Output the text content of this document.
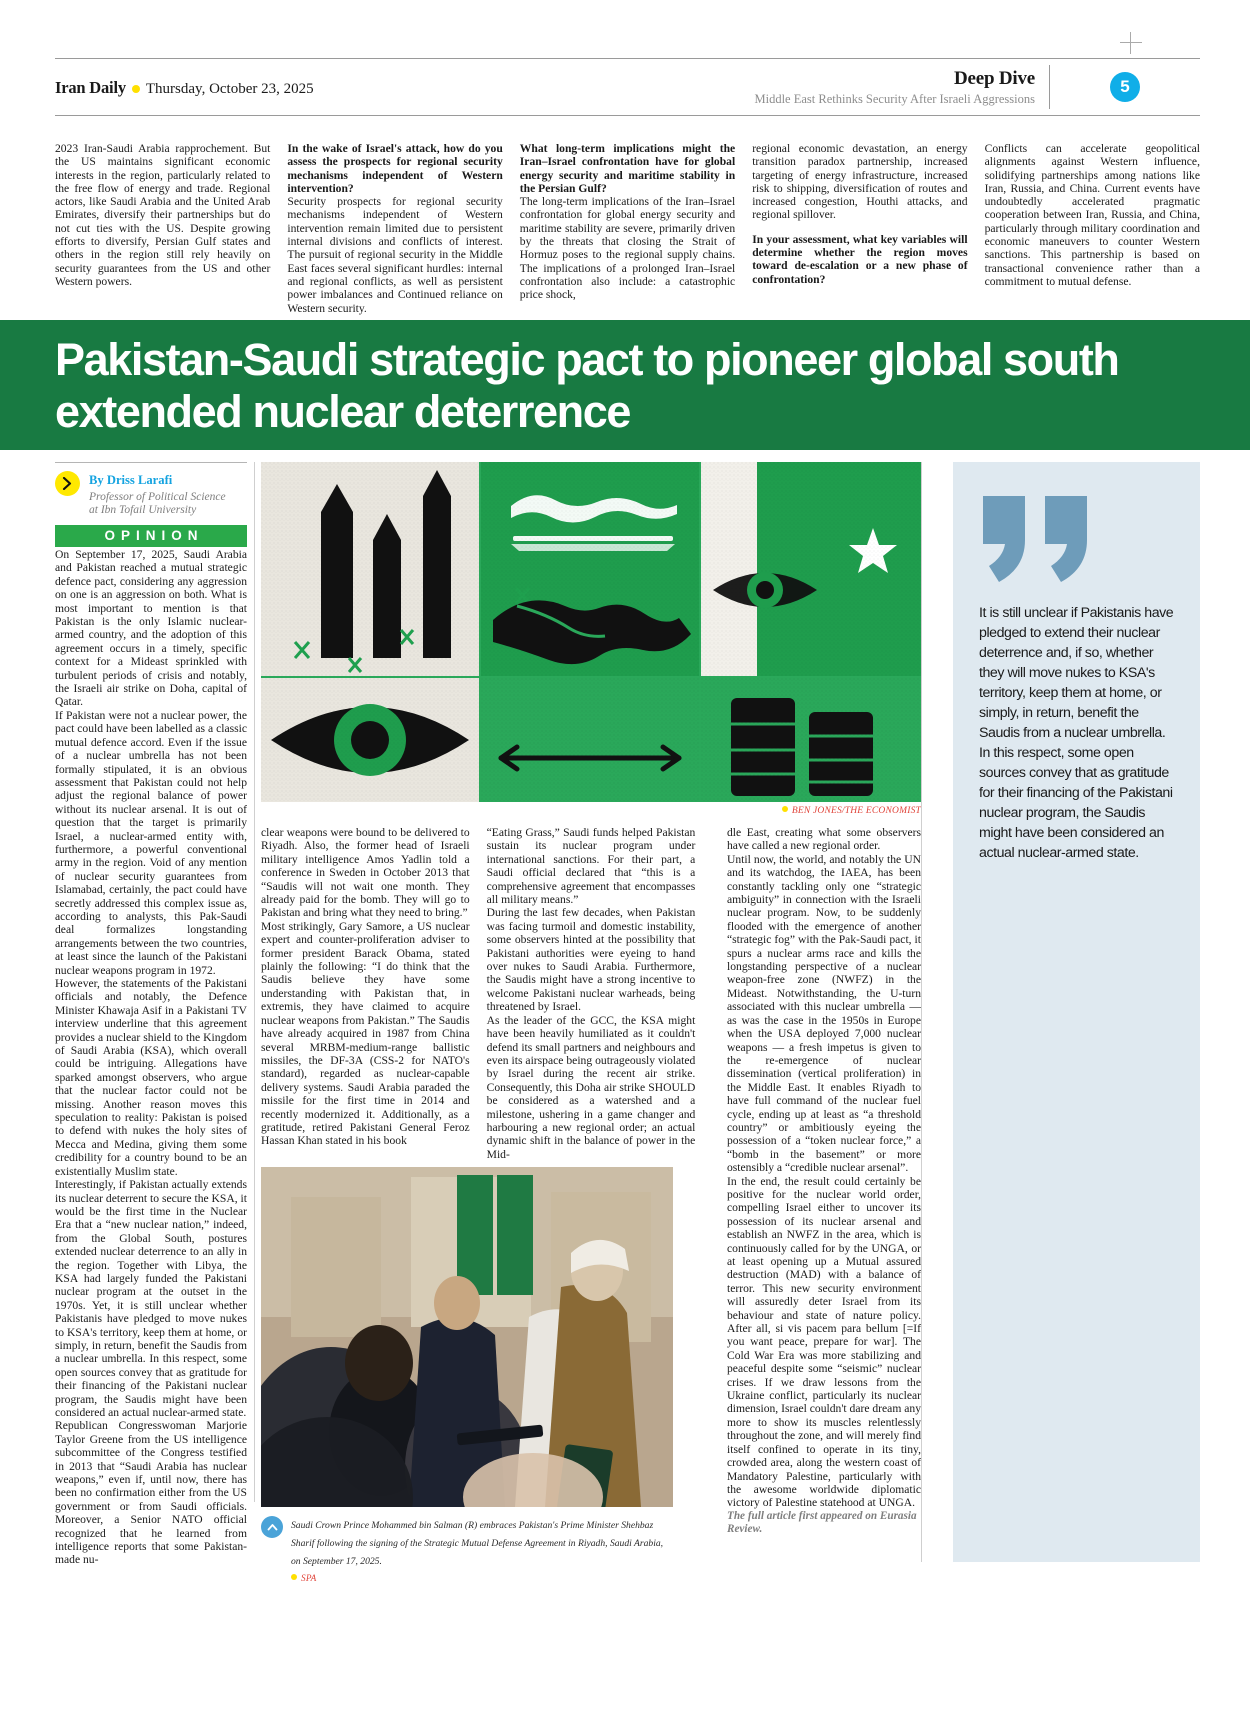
Iran Daily Thursday, October 23, 2025
Deep Dive
Middle East Rethinks Security After Israeli Aggressions
5

2023 Iran-Saudi Arabia rapprochement. But the US maintains significant economic interests in the region, particularly related to the free flow of energy and trade. Regional actors, like Saudi Arabia and the United Arab Emirates, diversify their partnerships but do not cut ties with the US. Despite growing efforts to diversify, Persian Gulf states and others in the region still rely heavily on security guarantees from the US and other Western powers.

In the wake of Israel's attack, how do you assess the prospects for regional security mechanisms independent of Western intervention?

Security prospects for regional security mechanisms independent of Western intervention remain limited due to persistent internal divisions and conflicts of interest. The pursuit of regional security in the Middle East faces several significant hurdles: internal and regional conflicts, as well as persistent power imbalances and Continued reliance on Western security.

What long-term implications might the Iran–Israel confrontation have for global energy security and maritime stability in the Persian Gulf?

The long-term implications of the Iran–Israel confrontation for global energy security and maritime stability are severe, primarily driven by the threats that closing the Strait of Hormuz poses to the regional supply chains. The implications of a prolonged Iran–Israel confrontation also include: a catastrophic price shock,

regional economic devastation, an energy transition paradox partnership, increased targeting of energy infrastructure, increased risk to shipping, diversification of routes and increased congestion, Houthi attacks, and regional spillover.

In your assessment, what key variables will determine whether the region moves toward de-escalation or a new phase of confrontation?

Conflicts can accelerate geopolitical alignments against Western influence, solidifying partnerships among nations like Iran, Russia, and China. Current events have undoubtedly accelerated pragmatic cooperation between Iran, Russia, and China, particularly through military coordination and economic maneuvers to counter Western sanctions. This partnership is based on transactional convenience rather than a commitment to mutual defense.

Pakistan-Saudi strategic pact to pioneer global south extended nuclear deterrence
By Driss Larafi
Professor of Political Science
at Ibn Tofail University
OPINION

On September 17, 2025, Saudi Arabia and Pakistan reached a mutual strategic defence pact, considering any aggression on one is an aggression on both. What is most important to mention is that Pakistan is the only Islamic nuclear-armed country, and the adoption of this agreement occurs in a timely, specific context for a Mideast sprinkled with turbulent periods of crisis and notably, the Israeli air strike on Doha, capital of Qatar.

If Pakistan were not a nuclear power, the pact could have been labelled as a classic mutual defence accord. Even if the issue of a nuclear umbrella has not been formally stipulated, it is an obvious assessment that Pakistan could not help adjust the regional balance of power without its nuclear arsenal. It is out of question that the target is primarily Israel, a nuclear-armed entity with, furthermore, a powerful conventional army in the region. Void of any mention of nuclear security guarantees from Islamabad, certainly, the pact could have secretly addressed this complex issue as, according to analysts, this Pak-Saudi deal formalizes longstanding arrangements between the two countries, at least since the launch of the Pakistani nuclear weapons program in 1972.

However, the statements of the Pakistani officials and notably, the Defence Minister Khawaja Asif in a Pakistani TV interview underline that this agreement provides a nuclear shield to the Kingdom of Saudi Arabia (KSA), which overall could be intriguing. Allegations have sparked amongst observers, who argue that the nuclear factor could not be missing. Another reason moves this speculation to reality: Pakistan is poised to defend with nukes the holy sites of Mecca and Medina, giving them some credibility for a country bound to be an existentially Muslim state.

Interestingly, if Pakistan actually extends its nuclear deterrent to secure the KSA, it would be the first time in the Nuclear Era that a “new nuclear nation,” indeed, from the Global South, postures extended nuclear deterrence to an ally in the region. Together with Libya, the KSA had largely funded the Pakistani nuclear program at the outset in the 1970s. Yet, it is still unclear whether Pakistanis have pledged to move nukes to KSA's territory, keep them at home, or simply, in return, benefit the Saudis from a nuclear umbrella. In this respect, some open sources convey that as gratitude for their financing of the Pakistani nuclear program, the Saudis might have been considered an actual nuclear-armed state.

Republican Congresswoman Marjorie Taylor Greene from the US intelligence subcommittee of the Congress testified in 2013 that “Saudi Arabia has nuclear weapons,” even if, until now, there has been no confirmation either from the US government or from Saudi officials. Moreover, a Senior NATO official recognized that he learned from intelligence reports that some Pakistan-made nu-

BEN JONES/THE ECONOMIST

clear weapons were bound to be delivered to Riyadh. Also, the former head of Israeli military intelligence Amos Yadlin told a conference in Sweden in October 2013 that “Saudis will not wait one month. They already paid for the bomb. They will go to Pakistan and bring what they need to bring.”

Most strikingly, Gary Samore, a US nuclear expert and counter-proliferation adviser to former president Barack Obama, stated plainly the following: “I do think that the Saudis believe they have some understanding with Pakistan that, in extremis, they have claimed to acquire nuclear weapons from Pakistan.” The Saudis have already acquired in 1987 from China several MRBM-medium-range ballistic missiles, the DF-3A (CSS-2 for NATO's standard), regarded as nuclear-capable delivery systems. Saudi Arabia paraded the missile for the first time in 2014 and recently modernized it. Additionally, as a gratitude, retired Pakistani General Feroz Hassan Khan stated in his book

“Eating Grass,” Saudi funds helped Pakistan sustain its nuclear program under international sanctions. For their part, a Saudi official declared that “this is a comprehensive agreement that encompasses all military means.”

During the last few decades, when Pakistan was facing turmoil and domestic instability, some observers hinted at the possibility that Pakistani authorities were eyeing to hand over nukes to Saudi Arabia. Furthermore, the Saudis might have a strong incentive to welcome Pakistani nuclear warheads, being threatened by Israel.

As the leader of the GCC, the KSA might have been heavily humiliated as it couldn't defend its small partners and neighbours and even its airspace being outrageously violated by Israel during the recent air strike. Consequently, this Doha air strike SHOULD be considered as a watershed and a milestone, ushering in a game changer and harbouring a new regional order; an actual dynamic shift in the balance of power in the Mid-

Saudi Crown Prince Mohammed bin Salman (R) embraces Pakistan's Prime Minister Shehbaz Sharif following the signing of the Strategic Mutual Defense Agreement in Riyadh, Saudi Arabia, on September 17, 2025.
SPA

dle East, creating what some observers have called a new regional order.

Until now, the world, and notably the UN and its watchdog, the IAEA, has been constantly tackling only one “strategic ambiguity” in connection with the Israeli nuclear program. Now, to be suddenly flooded with the emergence of another “strategic fog” with the Pak-Saudi pact, it spurs a nuclear arms race and kills the longstanding perspective of a nuclear weapon-free zone (NWFZ) in the Mideast. Notwithstanding, the U-turn associated with this nuclear umbrella — as was the case in the 1950s in Europe when the USA deployed 7,000 nuclear weapons — a fresh impetus is given to the re-emergence of nuclear dissemination (vertical proliferation) in the Middle East. It enables Riyadh to have full command of the nuclear fuel cycle, ending up at least as “a threshold country” or ambitiously eyeing the possession of a “token nuclear force,” a “bomb in the basement” or more ostensibly a “credible nuclear arsenal”.

In the end, the result could certainly be positive for the nuclear world order, compelling Israel either to uncover its possession of its nuclear arsenal and establish an NWFZ in the area, which is continuously called for by the UNGA, or at least opening up a Mutual assured destruction (MAD) with a balance of terror. This new security environment will assuredly deter Israel from its behaviour and state of nature policy. After all, si vis pacem para bellum [=If you want peace, prepare for war]. The Cold War Era was more stabilizing and peaceful despite some “seismic” nuclear crises. If we draw lessons from the Ukraine conflict, particularly its nuclear dimension, Israel couldn't dare dream any more to show its muscles relentlessly throughout the zone, and will merely find itself confined to operate in its tiny, crowded area, along the western coast of Mandatory Palestine, particularly with the awesome worldwide diplomatic victory of Palestine statehood at UNGA.

The full article first appeared on Eurasia Review.
It is still unclear if Pakistanis have pledged to extend their nuclear deterrence and, if so, whether they will move nukes to KSA's territory, keep them at home, or simply, in return, benefit the Saudis from a nuclear umbrella. In this respect, some open sources convey that as gratitude for their financing of the Pakistani nuclear program, the Saudis might have been considered an actual nuclear-armed state.
